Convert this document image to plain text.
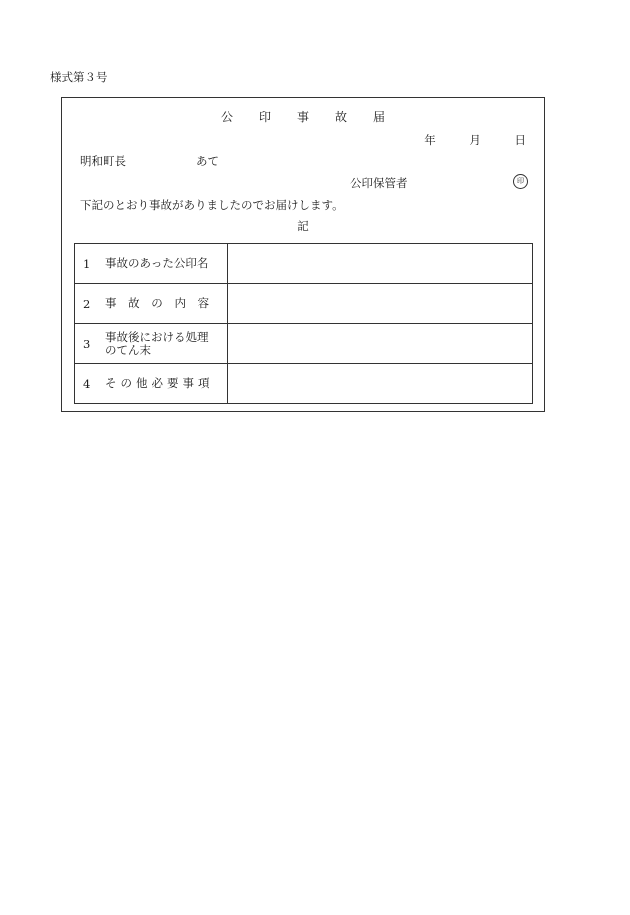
様式第３号
公 印 事 故 届
年	月	日
明和町長	あて
公印保管者	印
下記のとおり事故がありましたのでお届けします。
記
1 事故のあった公印名	

2 事 故 の 内 容	

3 事故後における処理
のてん末	

4 その他必要事項	
